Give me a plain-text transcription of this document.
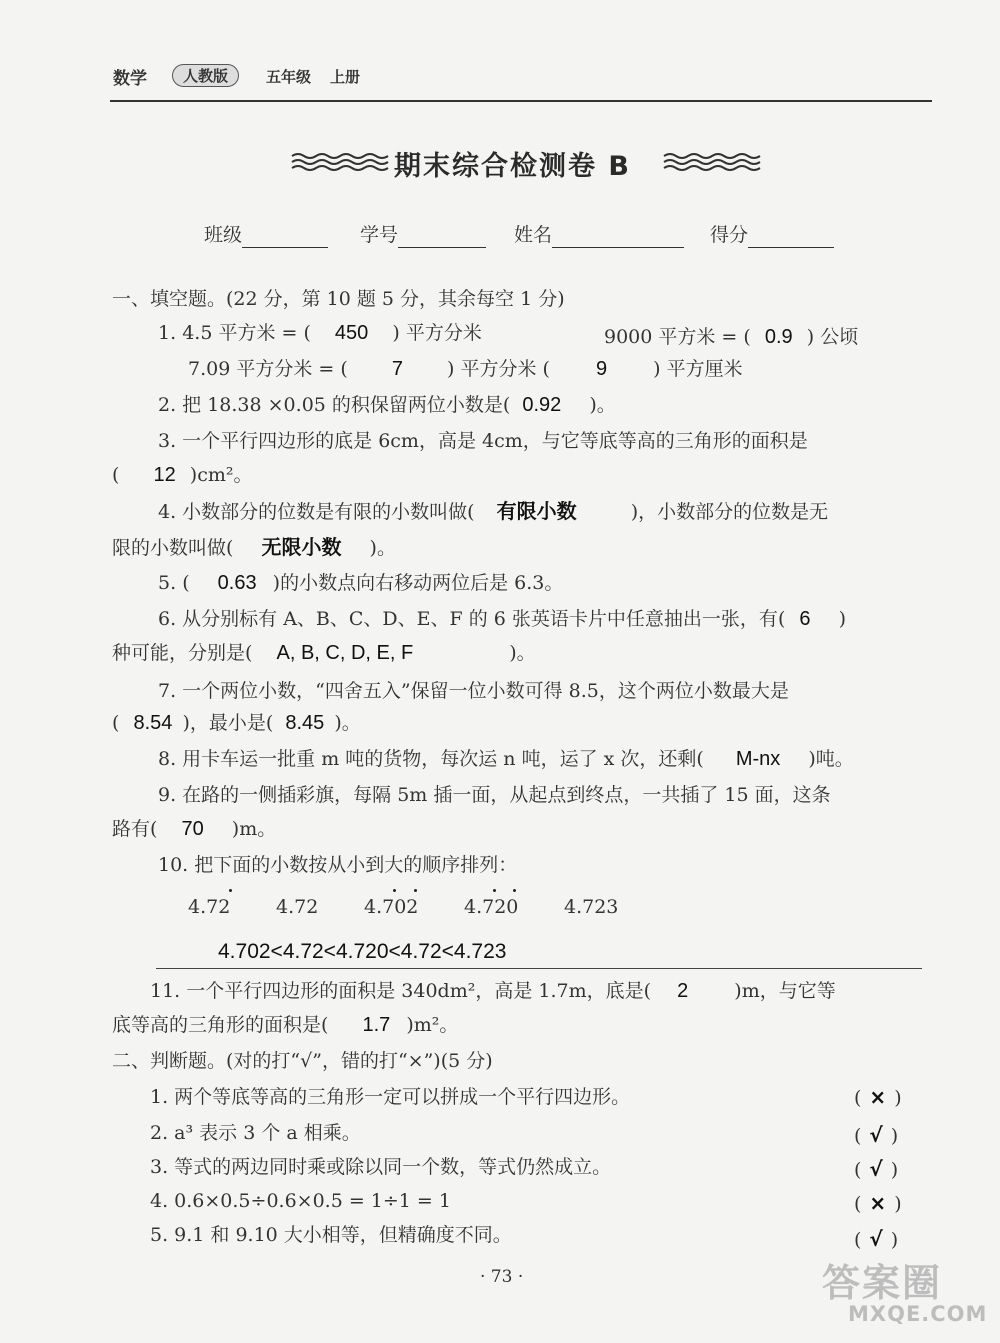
数学	人教版	五年级 上册
期末综合检测卷 B
班级	学号	姓名	得分
一、填空题。(22 分，第 10 题 5 分，其余每空 1 分)
1. 4.5 平方米 = ( 450 ) 平方分米	9000 平方米 = ( 0.9 ) 公顷
7.09 平方分米 = ( 7 ) 平方分米 ( 9 ) 平方厘米
2. 把 18.38 ×0.05 的积保留两位小数是( 0.92 )。
3. 一个平行四边形的底是 6cm，高是 4cm，与它等底等高的三角形的面积是
( 12 )cm²。
4. 小数部分的位数是有限的小数叫做( 有限小数	)，小数部分的位数是无
限的小数叫做( 无限小数 )。
5. ( 0.63 )的小数点向右移动两位后是 6.3。
6. 从分别标有 A、B、C、D、E、F 的 6 张英语卡片中任意抽出一张，有( 6 )
种可能，分别是( A, B, C, D, E, F	)。
7. 一个两位小数，“四舍五入”保留一位小数可得 8.5，这个两位小数最大是
( 8.54 )，最小是( 8.45 )。
8. 用卡车运一批重 m 吨的货物，每次运 n 吨，运了 x 次，还剩( M-nx )吨。
9. 在路的一侧插彩旗，每隔 5m 插一面，从起点到终点，一共插了 15 面，这条
路有( 70 )m。
10. 把下面的小数按从小到大的顺序排列：
4.72 4.72 4.702 4.720 4.723
4.702<4.72<4.720<4.72<4.723
11. 一个平行四边形的面积是 340dm²，高是 1.7m，底是( 2 )m，与它等
底等高的三角形的面积是( 1.7 )m²。
二、判断题。(对的打“√”，错的打“×”)(5 分)
1. 两个等底等高的三角形一定可以拼成一个平行四边形。	( × )
2. a³ 表示 3 个 a 相乘。	( √ )
3. 等式的两边同时乘或除以同一个数，等式仍然成立。	( √ )
4. 0.6×0.5÷0.6×0.5 = 1÷1 = 1	( × )
5. 9.1 和 9.10 大小相等，但精确度不同。	( √ )
· 73 ·	答案圈
MXQE.COM
